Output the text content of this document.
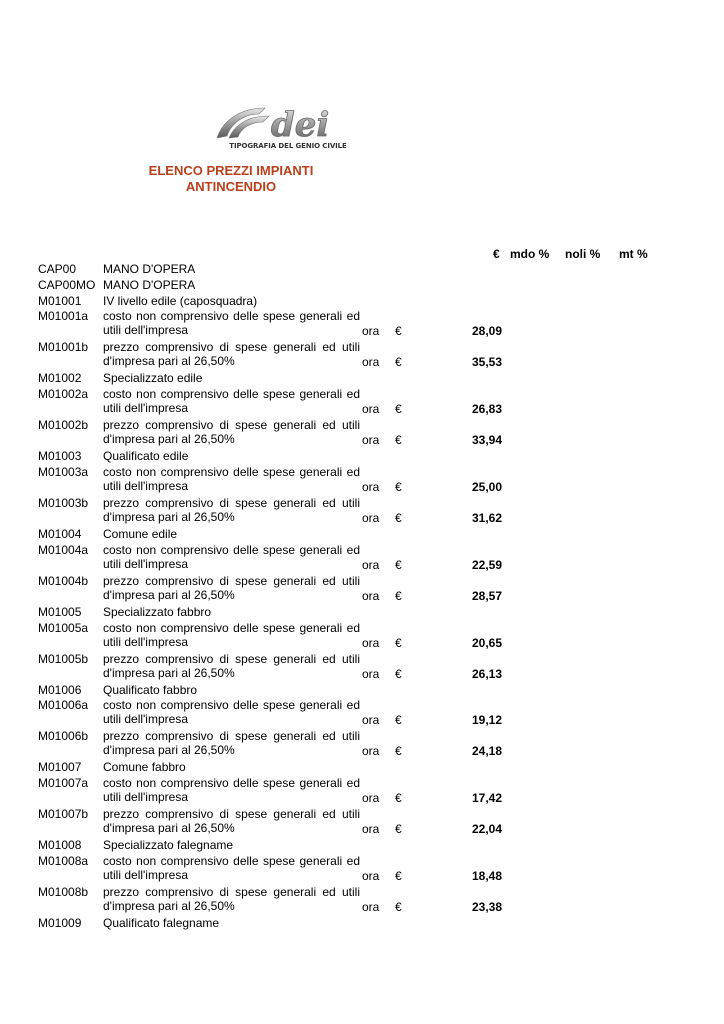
dei
TIPOGRAFIA DEL GENIO CIVILE
ELENCO PREZZI IMPIANTI
ANTINCENDIO
€ mdo % noli % mt %
CAP00 MANO D'OPERA
CAP00MO MANO D'OPERA
M01001 IV livello edile (caposquadra)
M01001a costo non comprensivo delle spese generali ed utili dell'impresa	ora €	28,09
M01001b prezzo comprensivo di spese generali ed utili d'impresa pari al 26,50%	ora €	35,53
M01002 Specializzato edile
M01002a costo non comprensivo delle spese generali ed utili dell'impresa	ora €	26,83
M01002b prezzo comprensivo di spese generali ed utili d'impresa pari al 26,50%	ora €	33,94
M01003 Qualificato edile
M01003a costo non comprensivo delle spese generali ed utili dell'impresa	ora €	25,00
M01003b prezzo comprensivo di spese generali ed utili d'impresa pari al 26,50%	ora €	31,62
M01004 Comune edile
M01004a costo non comprensivo delle spese generali ed utili dell'impresa	ora €	22,59
M01004b prezzo comprensivo di spese generali ed utili d'impresa pari al 26,50%	ora €	28,57
M01005 Specializzato fabbro
M01005a costo non comprensivo delle spese generali ed utili dell'impresa	ora €	20,65
M01005b prezzo comprensivo di spese generali ed utili d'impresa pari al 26,50%	ora €	26,13
M01006 Qualificato fabbro
M01006a costo non comprensivo delle spese generali ed utili dell'impresa	ora €	19,12
M01006b prezzo comprensivo di spese generali ed utili d'impresa pari al 26,50%	ora €	24,18
M01007 Comune fabbro
M01007a costo non comprensivo delle spese generali ed utili dell'impresa	ora €	17,42
M01007b prezzo comprensivo di spese generali ed utili d'impresa pari al 26,50%	ora €	22,04
M01008 Specializzato falegname
M01008a costo non comprensivo delle spese generali ed utili dell'impresa	ora €	18,48
M01008b prezzo comprensivo di spese generali ed utili d'impresa pari al 26,50%	ora €	23,38
M01009 Qualificato falegname
